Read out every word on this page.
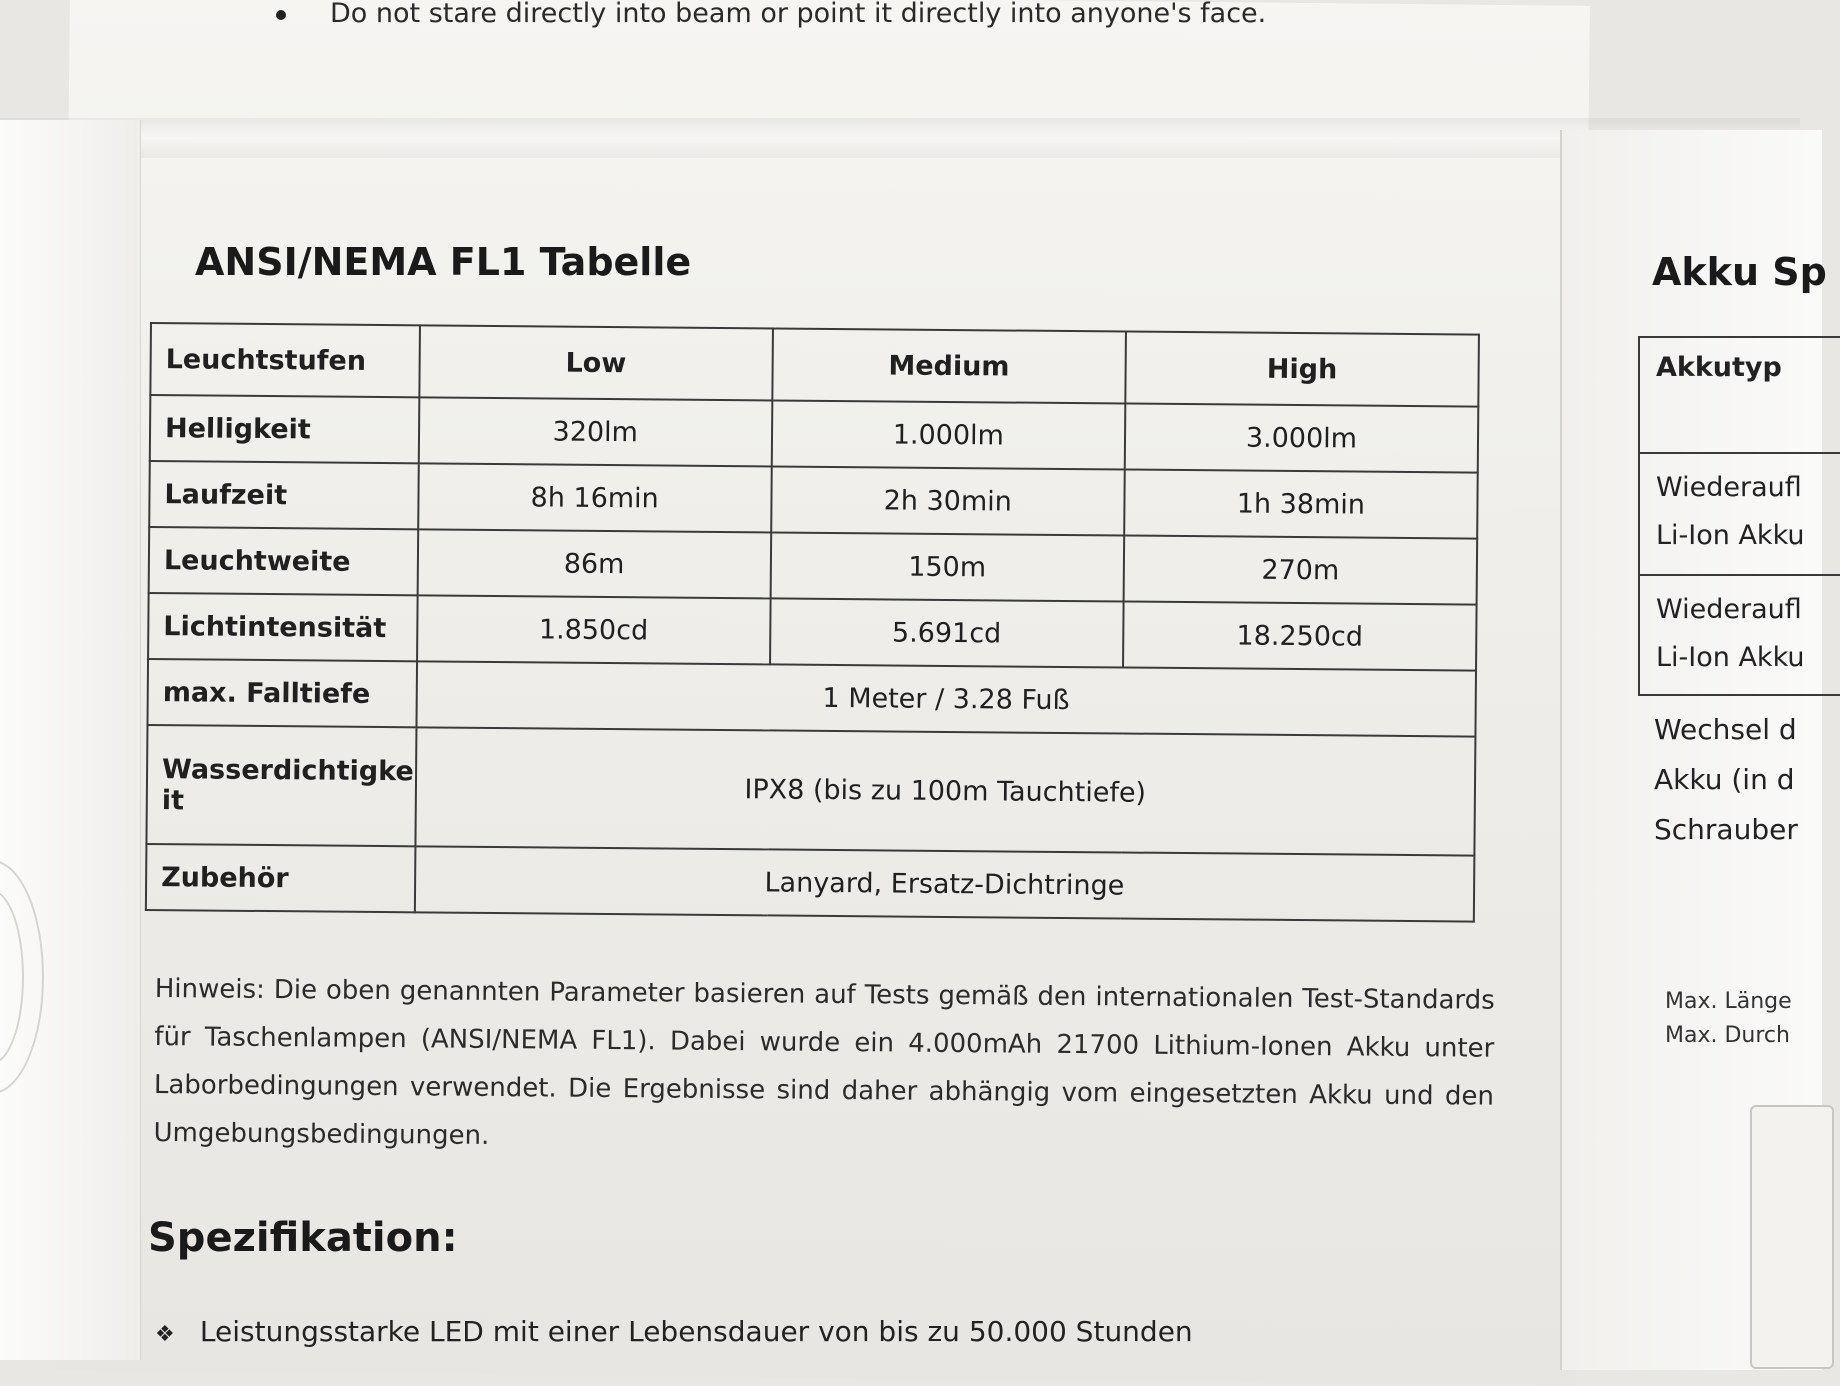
Do not stare directly into beam or point it directly into anyone's face.
ANSI/NEMA FL1 Tabelle
Leuchtstufen	Low	Medium	High
Helligkeit	320lm	1.000lm	3.000lm
Laufzeit	8h 16min	2h 30min	1h 38min
Leuchtweite	86m	150m	270m
Lichtintensität	1.850cd	5.691cd	18.250cd
max. Falltiefe	1 Meter / 3.28 Fuß		
Wasserdichtigke it	IPX8 (bis zu 100m Tauchtiefe)		
Zubehör	Lanyard, Ersatz-Dichtringe		
Hinweis: Die oben genannten Parameter basieren auf Tests gemäß den internationalen Test-Standards für Taschenlampen (ANSI/NEMA FL1). Dabei wurde ein 4.000mAh 21700 Lithium-Ionen Akku unter Laborbedingungen verwendet. Die Ergebnisse sind daher abhängig vom eingesetzten Akku und den Umgebungsbedingungen.
Spezifikation:
❖ Leistungsstarke LED mit einer Lebensdauer von bis zu 50.000 Stunden
Akku Sp
Akkutyp
Wiederaufl
Li-Ion Akku
Wiederaufl
Li-Ion Akku
Wechsel d
Akku (in d
Schrauber
Max. Länge
Max. Durch
